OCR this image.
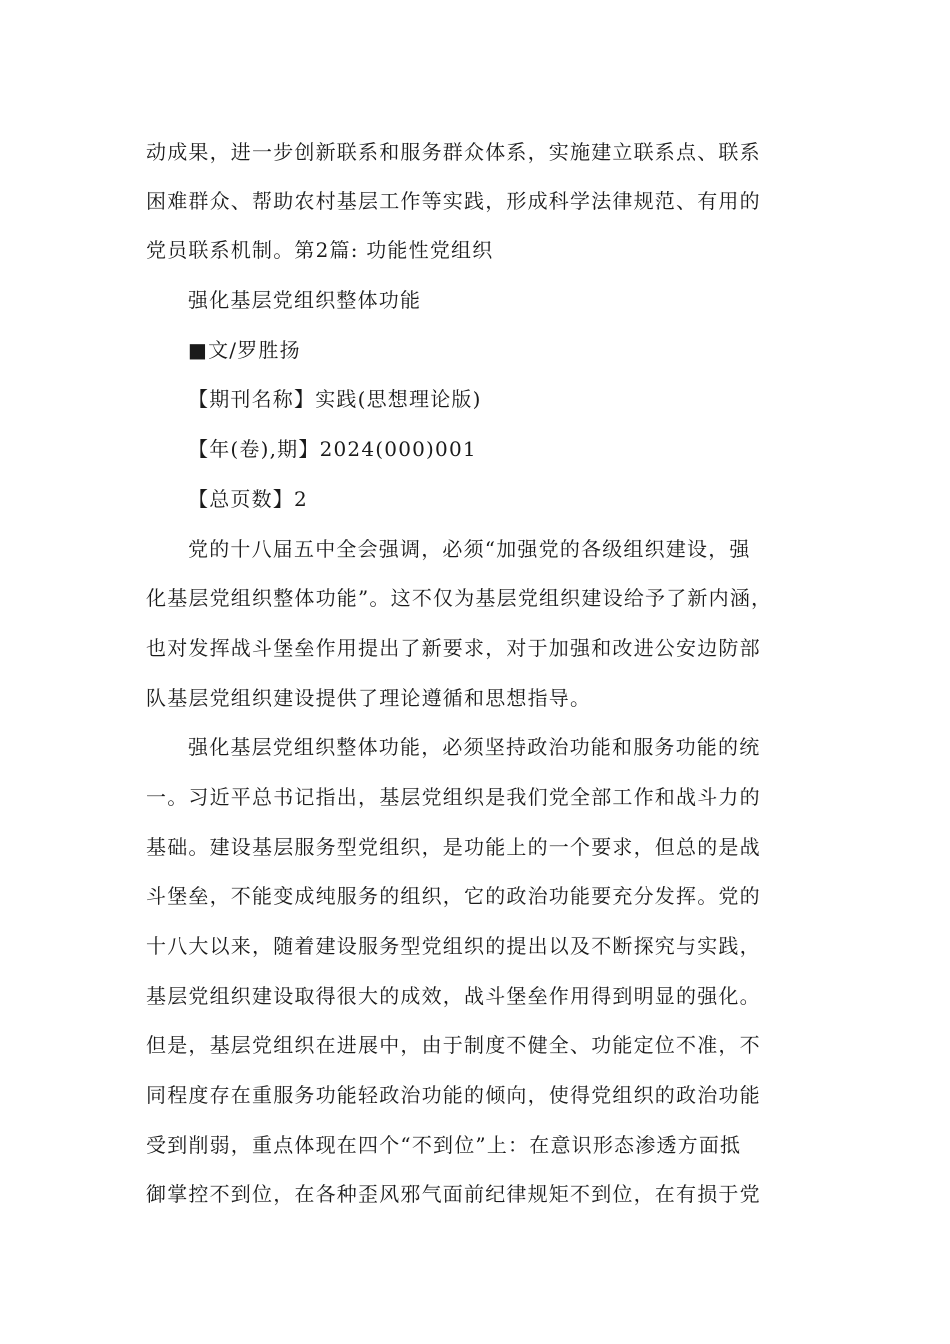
动成果，进一步创新联系和服务群众体系，实施建立联系点、联系
困难群众、帮助农村基层工作等实践，形成科学法律规范、有用的
党员联系机制。第2篇: 功能性党组织
强化基层党组织整体功能
■文/罗胜扬
【期刊名称】实践(思想理论版)
【年(卷),期】2024(000)001
【总页数】2
党的十八届五中全会强调，必须“加强党的各级组织建设，强
化基层党组织整体功能”。这不仅为基层党组织建设给予了新内涵，
也对发挥战斗堡垒作用提出了新要求，对于加强和改进公安边防部
队基层党组织建设提供了理论遵循和思想指导。
强化基层党组织整体功能，必须坚持政治功能和服务功能的统
一。习近平总书记指出，基层党组织是我们党全部工作和战斗力的
基础。建设基层服务型党组织，是功能上的一个要求，但总的是战
斗堡垒，不能变成纯服务的组织，它的政治功能要充分发挥。党的
十八大以来，随着建设服务型党组织的提出以及不断探究与实践，
基层党组织建设取得很大的成效，战斗堡垒作用得到明显的强化。
但是，基层党组织在进展中，由于制度不健全、功能定位不准，不
同程度存在重服务功能轻政治功能的倾向，使得党组织的政治功能
受到削弱，重点体现在四个“不到位”上：在意识形态渗透方面抵
御掌控不到位，在各种歪风邪气面前纪律规矩不到位，在有损于党
